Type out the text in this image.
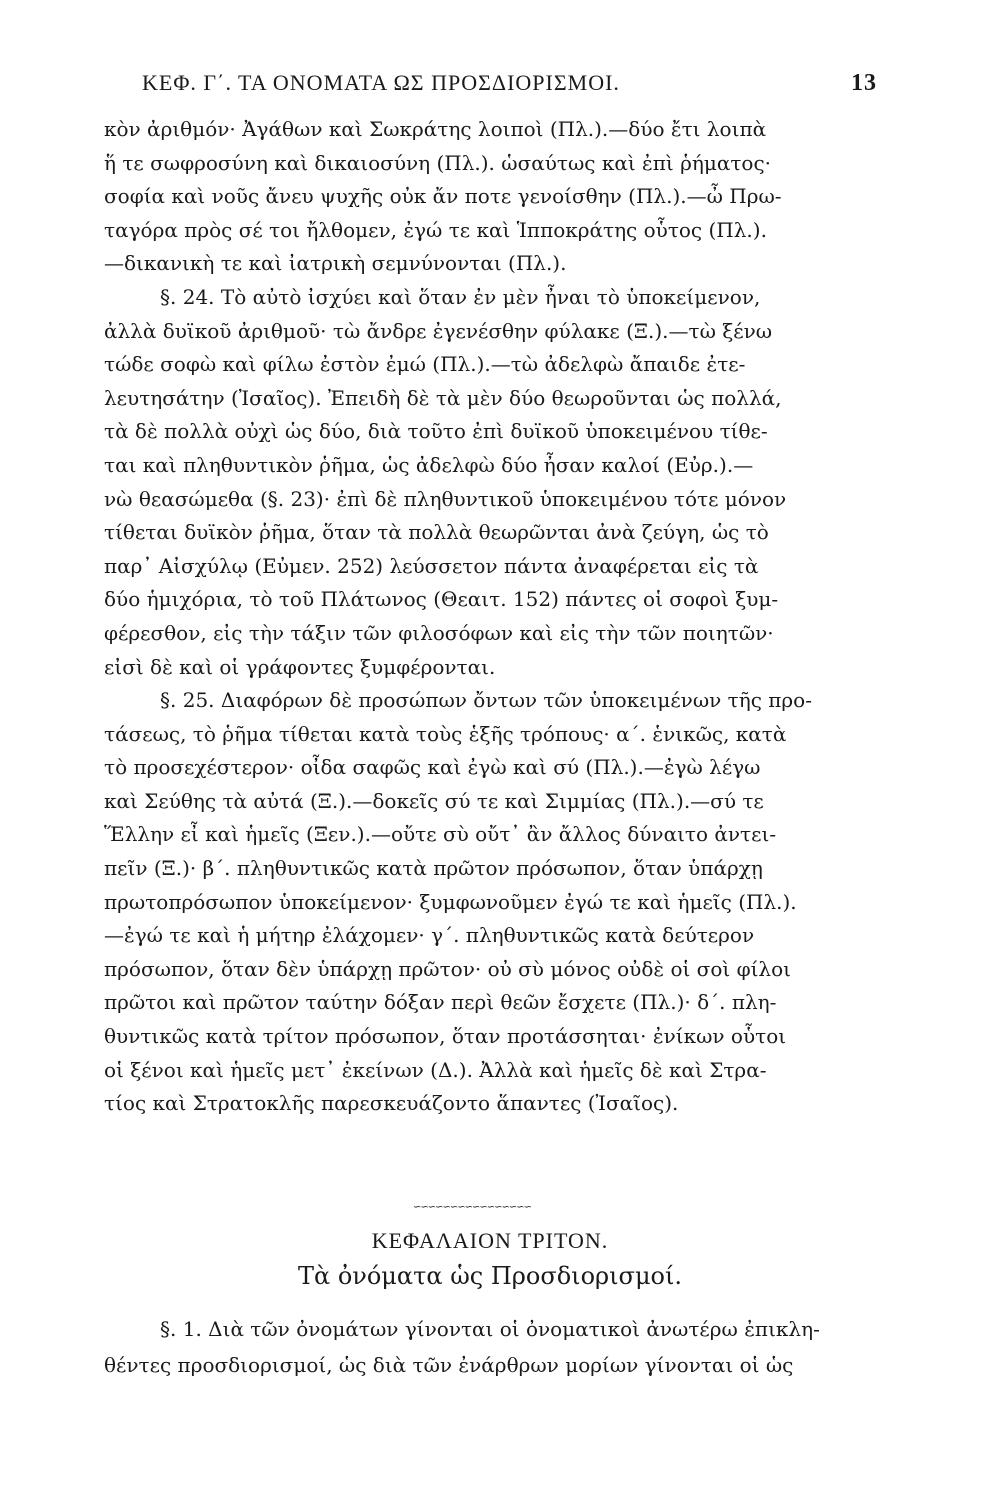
ΚΕΦ. Γ΄. ΤΑ ΟΝΟΜΑΤΑ ΩΣ ΠΡΟΣΔΙΟΡΙΣΜΟΙ.	13
κὸν ἀριθμόν· Ἀγάθων καὶ Σωκράτης λοιποὶ (Πλ.).—δύο ἔτι λοιπὰ
ἥ τε σωφροσύνη καὶ δικαιοσύνη (Πλ.). ὡσαύτως καὶ ἐπὶ ῥήματος·
σοφία καὶ νοῦς ἄνευ ψυχῆς οὐκ ἄν ποτε γενοίσθην (Πλ.).—ὦ Πρω-
ταγόρα πρὸς σέ τοι ἤλθομεν, ἐγώ τε καὶ Ἱπποκράτης οὗτος (Πλ.).
—δικανικὴ τε καὶ ἰατρικὴ σεμνύνονται (Πλ.).
§. 24. Τὸ αὐτὸ ἰσχύει καὶ ὅταν ἐν μὲν ἦναι τὸ ὑποκείμενον,
ἀλλὰ δυϊκοῦ ἀριθμοῦ· τὼ ἄνδρε ἐγενέσθην φύλακε (Ξ.).—τὼ ξένω
τώδε σοφὼ καὶ φίλω ἐστὸν ἐμώ (Πλ.).—τὼ ἀδελφὼ ἄπαιδε ἐτε-
λευτησάτην (Ἰσαῖος). Ἐπειδὴ δὲ τὰ μὲν δύο θεωροῦνται ὡς πολλά,
τὰ δὲ πολλὰ οὐχὶ ὡς δύο, διὰ τοῦτο ἐπὶ δυϊκοῦ ὑποκειμένου τίθε-
ται καὶ πληθυντικὸν ῥῆμα, ὡς ἀδελφὼ δύο ἦσαν καλοί (Εὐρ.).—
νὼ θεασώμεθα (§. 23)· ἐπὶ δὲ πληθυντικοῦ ὑποκειμένου τότε μόνον
τίθεται δυϊκὸν ῥῆμα, ὅταν τὰ πολλὰ θεωρῶνται ἀνὰ ζεύγη, ὡς τὸ
παρ᾽ Αἰσχύλῳ (Εὐμεν. 252) λεύσσετον πάντα ἀναφέρεται εἰς τὰ
δύο ἡμιχόρια, τὸ τοῦ Πλάτωνος (Θεαιτ. 152) πάντες οἱ σοφοὶ ξυμ-
φέρεσθον, εἰς τὴν τάξιν τῶν φιλοσόφων καὶ εἰς τὴν τῶν ποιητῶν·
εἰσὶ δὲ καὶ οἱ γράφοντες ξυμφέρονται.
§. 25. Διαφόρων δὲ προσώπων ὄντων τῶν ὑποκειμένων τῆς προ-
τάσεως, τὸ ῥῆμα τίθεται κατὰ τοὺς ἑξῆς τρόπους· α΄. ἑνικῶς, κατὰ
τὸ προσεχέστερον· οἶδα σαφῶς καὶ ἐγὼ καὶ σύ (Πλ.).—ἐγὼ λέγω
καὶ Σεύθης τὰ αὐτά (Ξ.).—δοκεῖς σύ τε καὶ Σιμμίας (Πλ.).—σύ τε
Ἕλλην εἶ καὶ ἡμεῖς (Ξεν.).—οὔτε σὺ οὔτ᾽ ἂν ἄλλος δύναιτο ἀντει-
πεῖν (Ξ.)· β΄. πληθυντικῶς κατὰ πρῶτον πρόσωπον, ὅταν ὑπάρχῃ
πρωτοπρόσωπον ὑποκείμενον· ξυμφωνοῦμεν ἐγώ τε καὶ ἡμεῖς (Πλ.).
—ἐγώ τε καὶ ἡ μήτηρ ἐλάχομεν· γ΄. πληθυντικῶς κατὰ δεύτερον
πρόσωπον, ὅταν δὲν ὑπάρχῃ πρῶτον· οὐ σὺ μόνος οὐδὲ οἱ σοὶ φίλοι
πρῶτοι καὶ πρῶτον ταύτην δόξαν περὶ θεῶν ἔσχετε (Πλ.)· δ΄. πλη-
θυντικῶς κατὰ τρίτον πρόσωπον, ὅταν προτάσσηται· ἐνίκων οὗτοι
οἱ ξένοι καὶ ἡμεῖς μετ᾽ ἐκείνων (Δ.). Ἀλλὰ καὶ ἡμεῖς δὲ καὶ Στρα-
τίος καὶ Στρατοκλῆς παρεσκευάζοντο ἅπαντες (Ἰσαῖος).
∽∽∽∽∽∽∽∽∽∽∽∽∽∽∽∽
ΚΕΦΑΛΑΙΟΝ ΤΡΙΤΟΝ.
Τὰ ὀνόματα ὡς Προσδιορισμοί.
§. 1. Διὰ τῶν ὀνομάτων γίνονται οἱ ὀνοματικοὶ ἀνωτέρω ἐπικλη-
θέντες προσδιορισμοί, ὡς διὰ τῶν ἐνάρθρων μορίων γίνονται οἱ ὡς
